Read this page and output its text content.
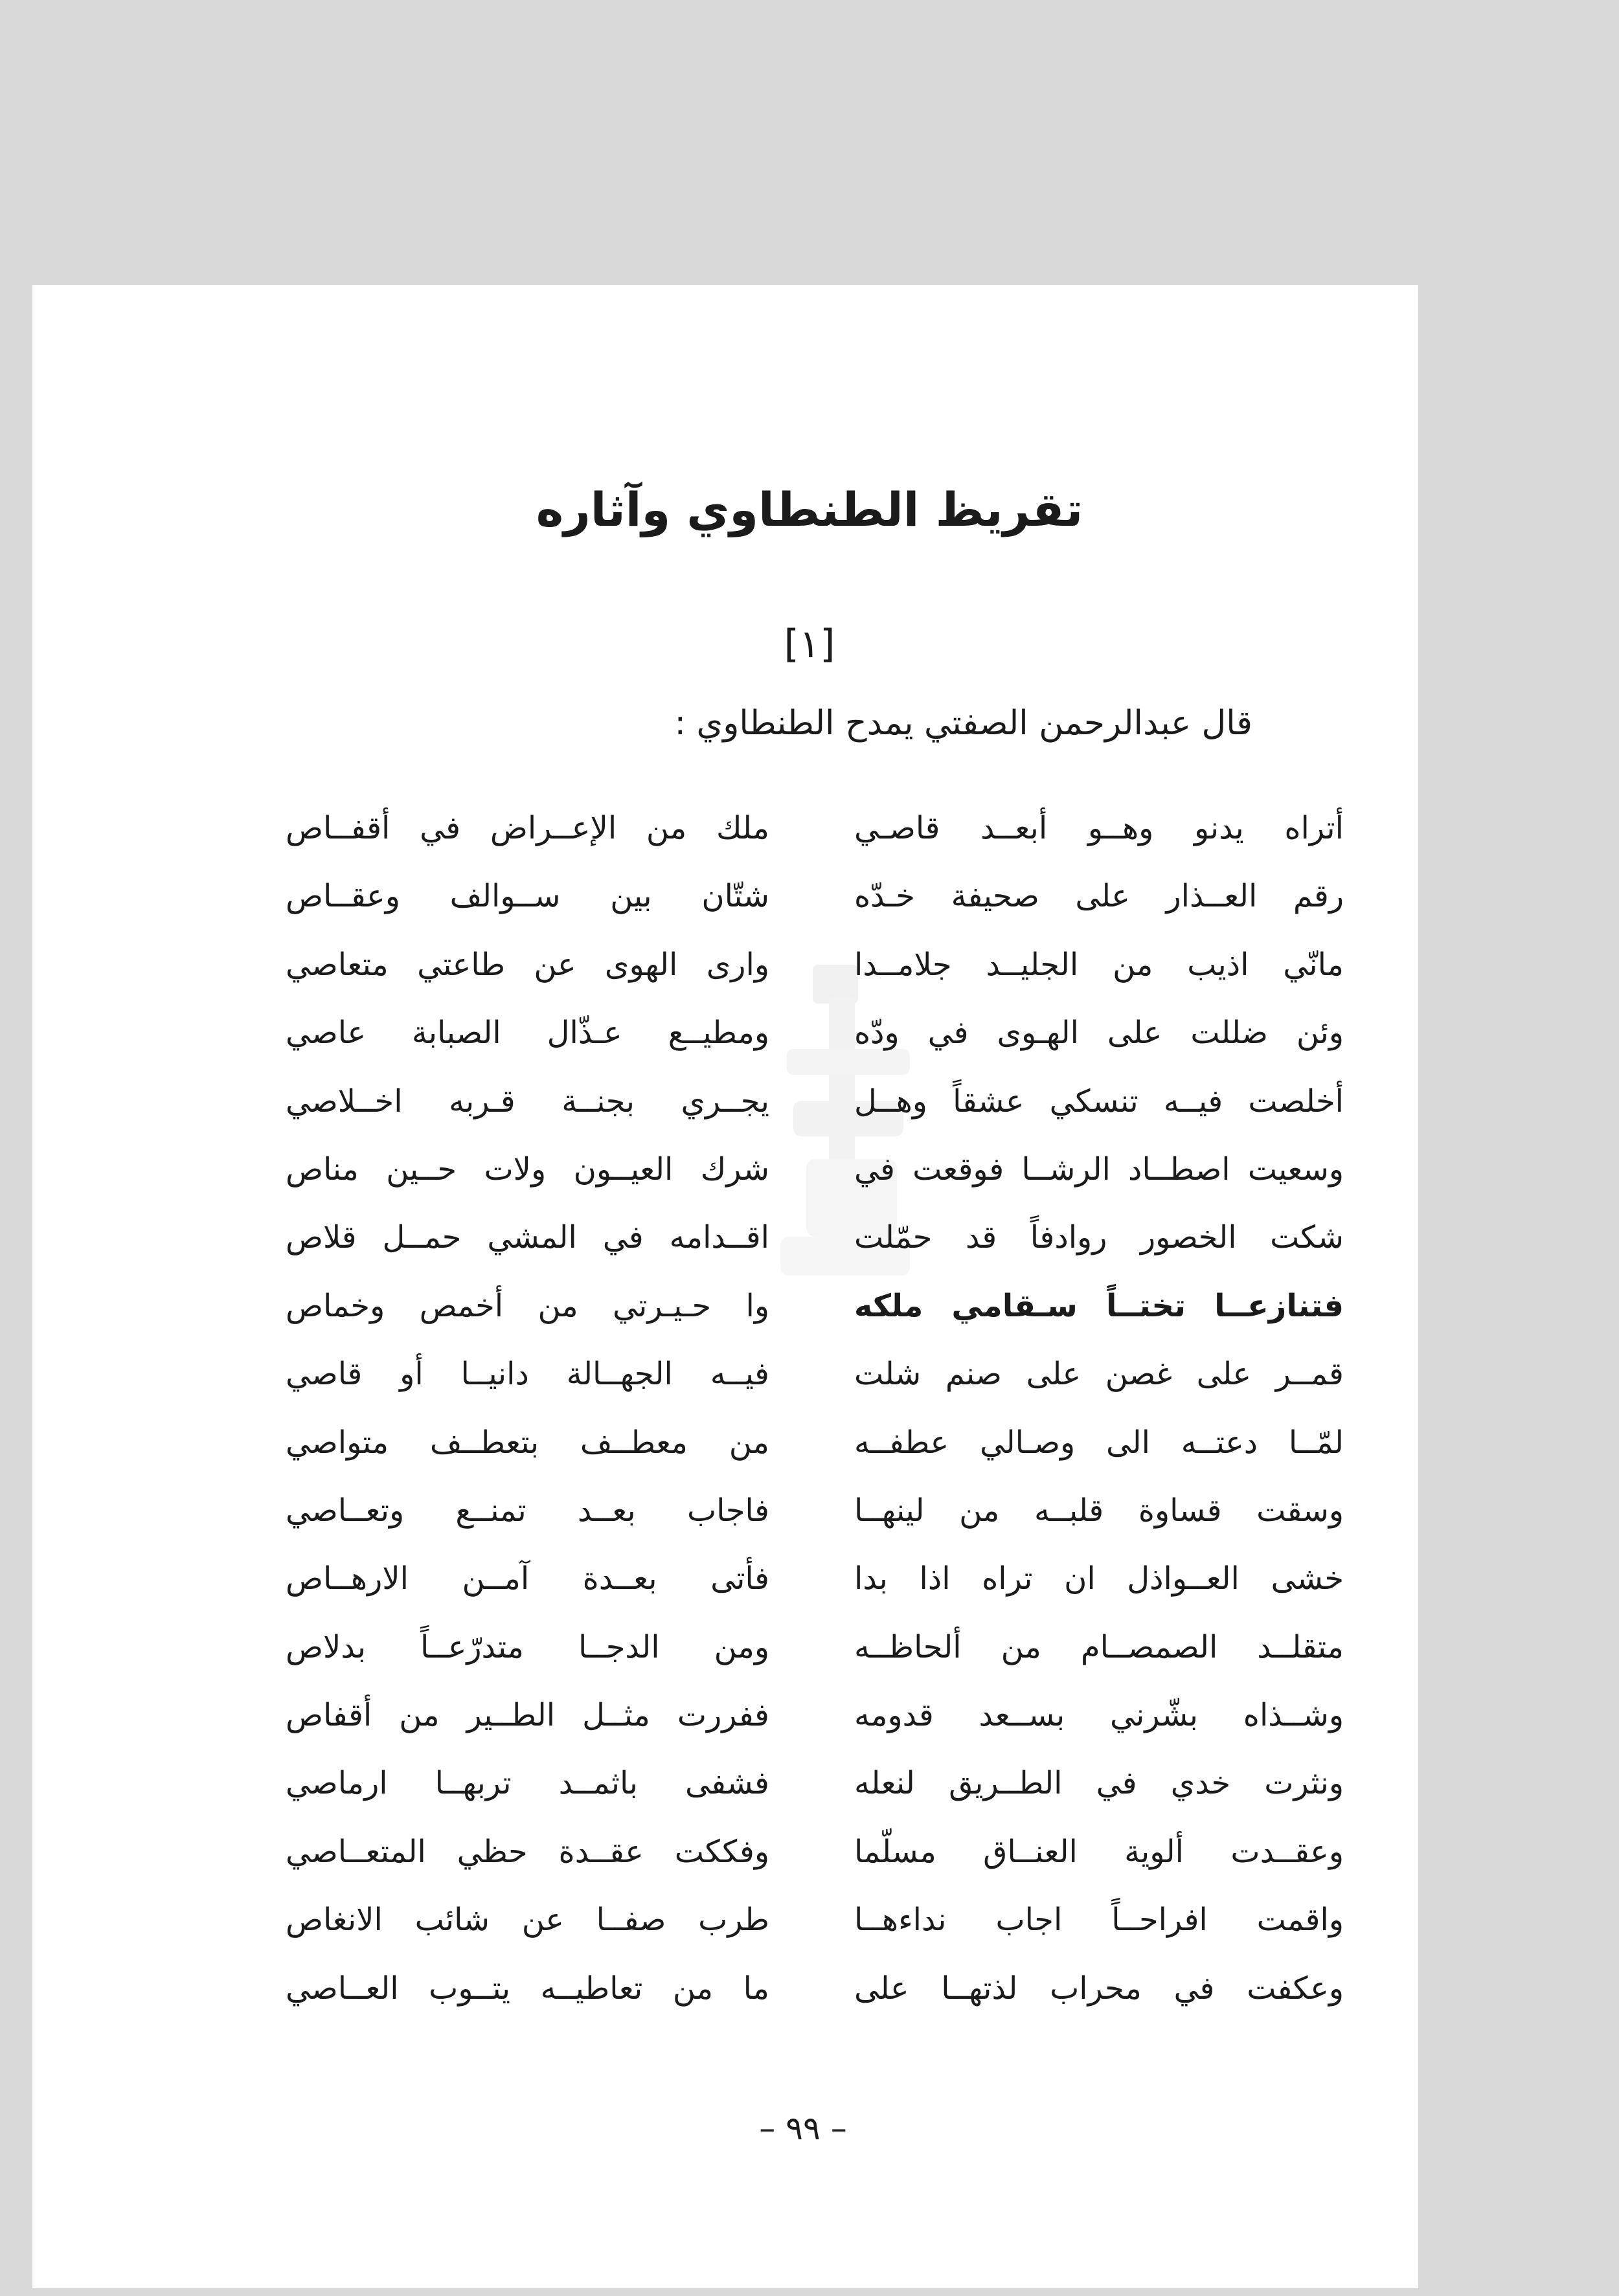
تقريظ الطنطاوي وآثاره
[١]
قال عبدالرحمن الصفتي يمدح الطنطاوي :
أتراه يدنو وهــو أبعــد قاصـي
ملك من الإعــراض في أقفــاص
رقم العــذار على صحيفة خـدّه
شتّان بين ســوالف وعقــاص
مانّي اذيب من الجليــد جلامــدا
وارى الهوى عن طاعتي متعاصي
وئن ضللت على الهـوى في ودّه
ومطيــع عـذّال الصبابة عاصي
أخلصت فيــه تنسكي عشقاً وهــل
يجــري بجنــة قـربه اخــلاصي
وسعيت اصطــاد الرشــا فوقعت في
شرك العيــون ولات حــين مناص
شكت الخصور روادفاً قد حمّلت
اقــدامه في المشي حمــل قلاص
فتنازعــا تختــاً سـقامي ملكه
وا حـيـرتي من أخمص وخماص
قمــر على غصن على صنم شلت
فيــه الجهــالة دانيــا أو قاصي
لمّــا دعتــه الى وصـالي عطفــه
من معطــف بتعطــف متواصي
وسقت قساوة قلبــه من لينهــا
فاجاب بعــد تمنــع وتعــاصي
خشى العــواذل ان تراه اذا بدا
فأتى بعــدة آمــن الارهــاص
متقلــد الصمصــام من ألحاظــه
ومن الدجــا متدرّعــاً بدلاص
وشــذاه بشّرني بســعد قدومه
ففررت مثــل الطــير من أقفاص
ونثرت خدي في الطــريق لنعله
فشفى باثمــد تربهــا ارماصي
وعقــدت ألوية العنــاق مسلّما
وفككت عقــدة حظي المتعــاصي
واقمت افراحــاً اجاب نداءهــا
طرب صفــا عن شائب الانغاص
وعكفت في محراب لذتهــا على
ما من تعاطيــه يتــوب العــاصي
– ٩٩ –
